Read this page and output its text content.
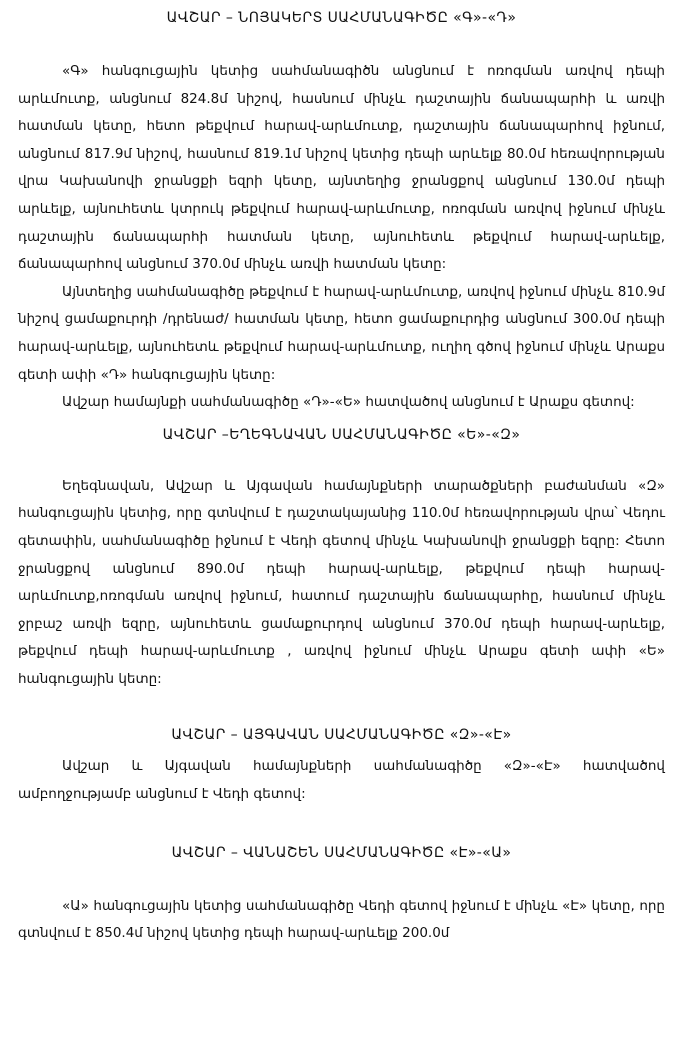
ԱՎՇԱՐ – ՆՈՅԱԿԵՐՏ ՍԱՀՄԱՆԱԳԻԾԸ «Գ»-«Դ»

«Գ» հանգուցային կետից սահմանագիծն անցնում է ոռոգման առվով դեպի արևմուտք, անցնում 824.8մ նիշով, հասնում մինչև դաշտային ճանապարհի և առվի հատման կետը, հետո թեքվում հարավ-արևմուտք, դաշտային ճանապարհով իջնում, անցնում 817.9մ նիշով, հասնում 819.1մ նիշով կետից դեպի արևելք 80.0մ հեռավորության վրա Կախանովի ջրանցքի եզրի կետը, այնտեղից ջրանցքով անցնում 130.0մ դեպի արևելք, այնուհետև կտրուկ թեքվում հարավ-արևմուտք, ոռոգման առվով իջնում մինչև դաշտային ճանապարհի հատման կետը, այնուհետև թեքվում հարավ-արևելք, ճանապարհով անցնում 370.0մ մինչև առվի հատման կետը:

Այնտեղից սահմանագիծը թեքվում է հարավ-արևմուտք, առվով իջնում մինչև 810.9մ նիշով ցամաքուրդի /դրենաժ/ հատման կետը, հետո ցամաքուրդից անցնում 300.0մ դեպի հարավ-արևելք, այնուհետև թեքվում հարավ-արևմուտք, ուղիղ գծով իջնում մինչև Արաքս գետի ափի «Դ» հանգուցային կետը:

Ավշար համայնքի սահմանագիծը «Դ»-«Ե» հատվածով անցնում է Արաքս գետով:

ԱՎՇԱՐ –ԵՂԵԳՆԱՎԱՆ ՍԱՀՄԱՆԱԳԻԾԸ «Ե»-«Զ»

Եղեգնավան, Ավշար և Այգավան համայնքների տարածքների բաժանման «Զ» հանգուցային կետից, որը գտնվում է դաշտակայանից 110.0մ հեռավորության վրա՝ Վեդու գետափին, սահմանագիծը իջնում է Վեդի գետով մինչև Կախանովի ջրանցքի եզրը: Հետո ջրանցքով անցնում 890.0մ դեպի հարավ-արևելք, թեքվում դեպի հարավ-արևմուտք,ոռոգման առվով իջնում, հատում դաշտային ճանապարհը, հասնում մինչև ջրբաշ առվի եզրը, այնուհետև ցամաքուրդով անցնում 370.0մ դեպի հարավ-արևելք, թեքվում դեպի հարավ-արևմուտք , առվով իջնում մինչև Արաքս գետի ափի «Ե» հանգուցային կետը:

ԱՎՇԱՐ – ԱՅԳԱՎԱՆ ՍԱՀՄԱՆԱԳԻԾԸ «Զ»-«Է»

Ավշար և Այգավան համայնքների սահմանագիծը «Զ»-«Է» հատվածով ամբողջությամբ անցնում է Վեդի գետով:

ԱՎՇԱՐ – ՎԱՆԱՇԵՆ ՍԱՀՄԱՆԱԳԻԾԸ «Է»-«Ա»

«Ա» հանգուցային կետից սահմանագիծը Վեդի գետով իջնում է մինչև «Է» կետը, որը գտնվում է 850.4մ նիշով կետից դեպի հարավ-արևելք 200.0մ
